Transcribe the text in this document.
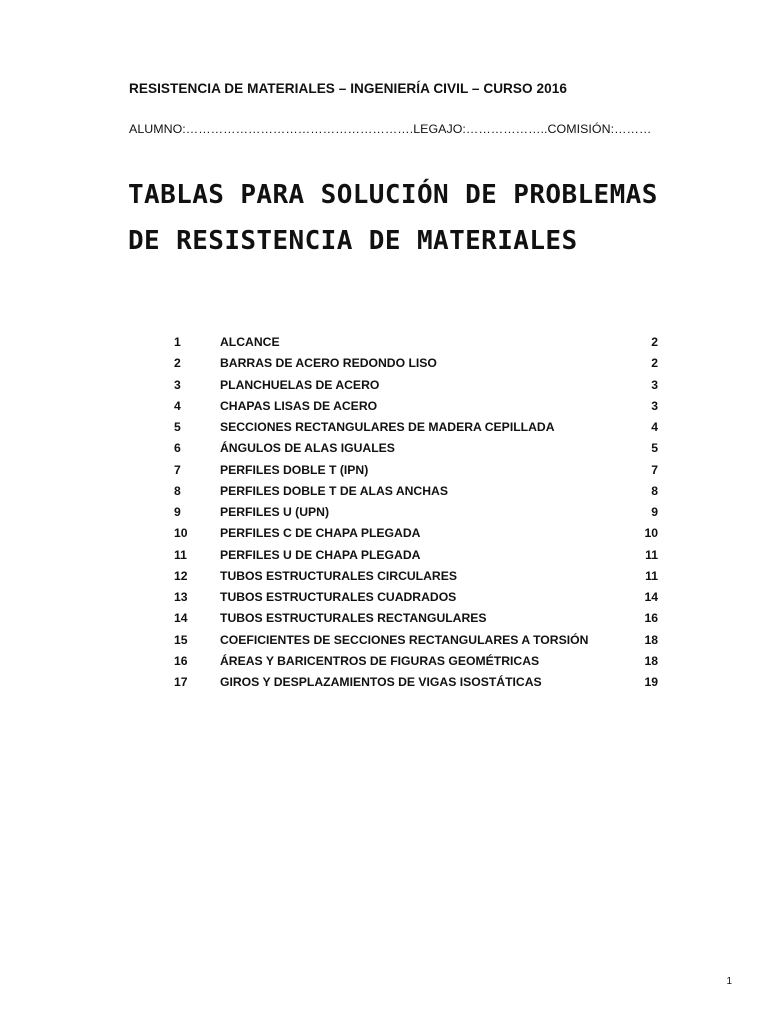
RESISTENCIA DE MATERIALES – INGENIERÍA CIVIL – CURSO 2016
ALUMNO:……………………………………………….LEGAJO:………………..COMISIÓN:………
TABLAS PARA SOLUCIÓN DE PROBLEMAS
DE RESISTENCIA DE MATERIALES
1	ALCANCE	2
2	BARRAS DE ACERO REDONDO LISO	2
3	PLANCHUELAS DE ACERO	3
4	CHAPAS LISAS DE ACERO	3
5	SECCIONES RECTANGULARES DE MADERA CEPILLADA	4
6	ÁNGULOS DE ALAS IGUALES	5
7	PERFILES DOBLE T (IPN)	7
8	PERFILES DOBLE T DE ALAS ANCHAS	8
9	PERFILES U (UPN)	9
10	PERFILES C DE CHAPA PLEGADA	10
11	PERFILES U DE CHAPA PLEGADA	11
12	TUBOS ESTRUCTURALES CIRCULARES	11
13	TUBOS ESTRUCTURALES CUADRADOS	14
14	TUBOS ESTRUCTURALES RECTANGULARES	16
15	COEFICIENTES DE SECCIONES RECTANGULARES A TORSIÓN	18
16	ÁREAS Y BARICENTROS DE FIGURAS GEOMÉTRICAS	18
17	GIROS Y DESPLAZAMIENTOS DE VIGAS ISOSTÁTICAS	19
1
